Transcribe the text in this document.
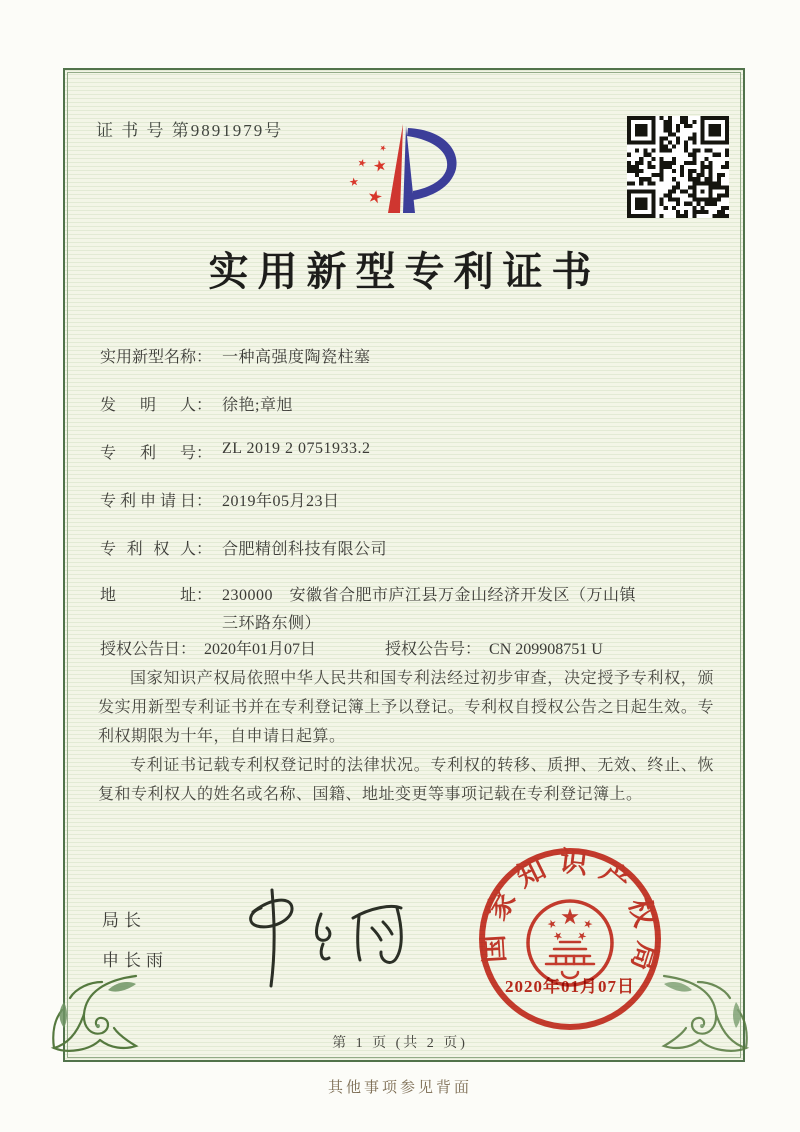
证 书 号 第9891979号
实用新型专利证书
实用新型名称： 一种高强度陶瓷柱塞
发明人： 徐艳;章旭
专利号： ZL 2019 2 0751933.2
专利申请日： 2019年05月23日
专利权人： 合肥精创科技有限公司
地址： 230000　安徽省合肥市庐江县万金山经济开发区（万山镇
三环路东侧）
授权公告日： 2020年01月07日	授权公告号： CN 209908751 U

国家知识产权局依照中华人民共和国专利法经过初步审查，决定授予专利权，颁发实用新型专利证书并在专利登记簿上予以登记。专利权自授权公告之日起生效。专利权期限为十年，自申请日起算。

专利证书记载专利权登记时的法律状况。专利权的转移、质押、无效、终止、恢复和专利权人的姓名或名称、国籍、地址变更等事项记载在专利登记簿上。

局长
申长雨	国家知识产权局
2020年01月07日
第 1 页 (共 2 页)
其他事项参见背面
